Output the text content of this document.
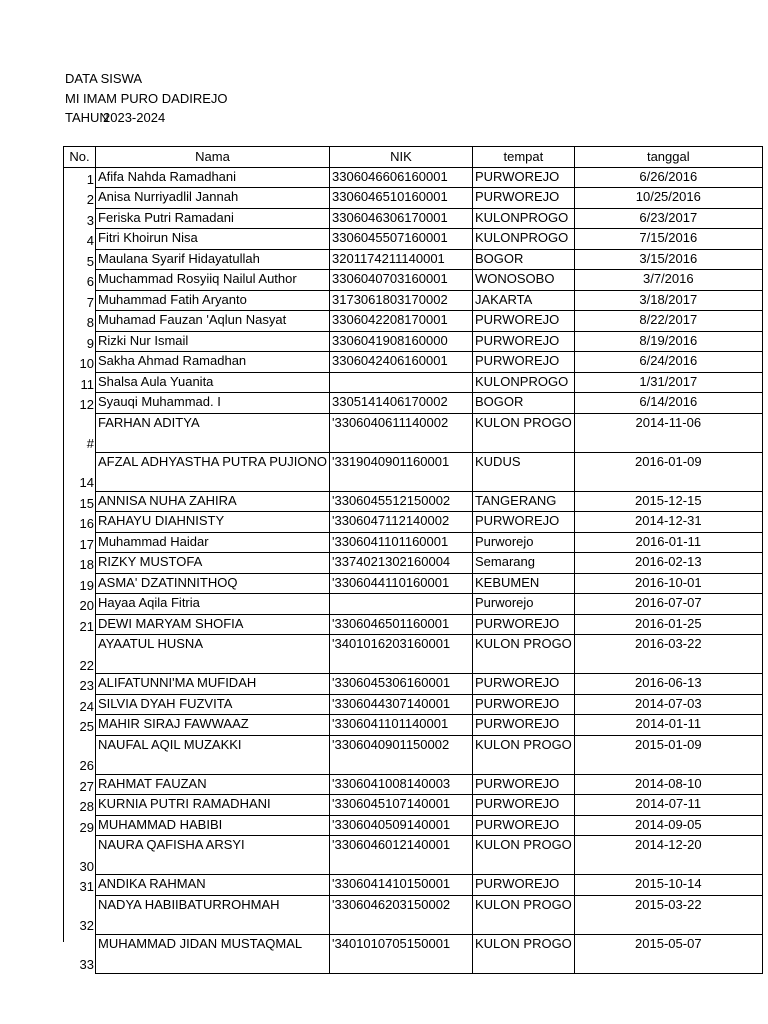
DATA SISWA
MI IMAM PURO DADIREJO
TAHUN2023-2024
No.	Nama	NIK	tempat	tanggal
1	Afifa Nahda Ramadhani	3306046606160001	PURWOREJO	6/26/2016
2	Anisa Nurriyadlil Jannah	3306046510160001	PURWOREJO	10/25/2016
3	Feriska Putri Ramadani	3306046306170001	KULONPROGO	6/23/2017
4	Fitri Khoirun Nisa	3306045507160001	KULONPROGO	7/15/2016
5	Maulana Syarif Hidayatullah	3201174211140001	BOGOR	3/15/2016
6	Muchammad Rosyiiq Nailul Author	3306040703160001	WONOSOBO	3/7/2016
7	Muhammad Fatih Aryanto	3173061803170002	JAKARTA	3/18/2017
8	Muhamad Fauzan 'Aqlun Nasyat	3306042208170001	PURWOREJO	8/22/2017
9	Rizki Nur Ismail	3306041908160000	PURWOREJO	8/19/2016
10	Sakha Ahmad Ramadhan	3306042406160001	PURWOREJO	6/24/2016
11	Shalsa Aula Yuanita		KULONPROGO	1/31/2017
12	Syauqi Muhammad. I	3305141406170002	BOGOR	6/14/2016
#	FARHAN ADITYA	'3306040611140002	KULON PROGO	2014-11-06
14	AFZAL ADHYASTHA PUTRA PUJIONO	'3319040901160001	KUDUS	2016-01-09
15	ANNISA NUHA ZAHIRA	'3306045512150002	TANGERANG	2015-12-15
16	RAHAYU DIAHNISTY	'3306047112140002	PURWOREJO	2014-12-31
17	Muhammad Haidar	'3306041101160001	Purworejo	2016-01-11
18	RIZKY MUSTOFA	'3374021302160004	Semarang	2016-02-13
19	ASMA' DZATINNITHOQ	'3306044110160001	KEBUMEN	2016-10-01
20	Hayaa Aqila Fitria		Purworejo	2016-07-07
21	DEWI MARYAM SHOFIA	'3306046501160001	PURWOREJO	2016-01-25
22	AYAATUL HUSNA	'3401016203160001	KULON PROGO	2016-03-22
23	ALIFATUNNI'MA MUFIDAH	'3306045306160001	PURWOREJO	2016-06-13
24	SILVIA DYAH FUZVITA	'3306044307140001	PURWOREJO	2014-07-03
25	MAHIR SIRAJ FAWWAAZ	'3306041101140001	PURWOREJO	2014-01-11
26	NAUFAL AQIL MUZAKKI	'3306040901150002	KULON PROGO	2015-01-09
27	RAHMAT FAUZAN	'3306041008140003	PURWOREJO	2014-08-10
28	KURNIA PUTRI RAMADHANI	'3306045107140001	PURWOREJO	2014-07-11
29	MUHAMMAD HABIBI	'3306040509140001	PURWOREJO	2014-09-05
30	NAURA QAFISHA ARSYI	'3306046012140001	KULON PROGO	2014-12-20
31	ANDIKA RAHMAN	'3306041410150001	PURWOREJO	2015-10-14
32	NADYA HABIIBATURROHMAH	'3306046203150002	KULON PROGO	2015-03-22
33	MUHAMMAD JIDAN MUSTAQMAL	'3401010705150001	KULON PROGO	2015-05-07
